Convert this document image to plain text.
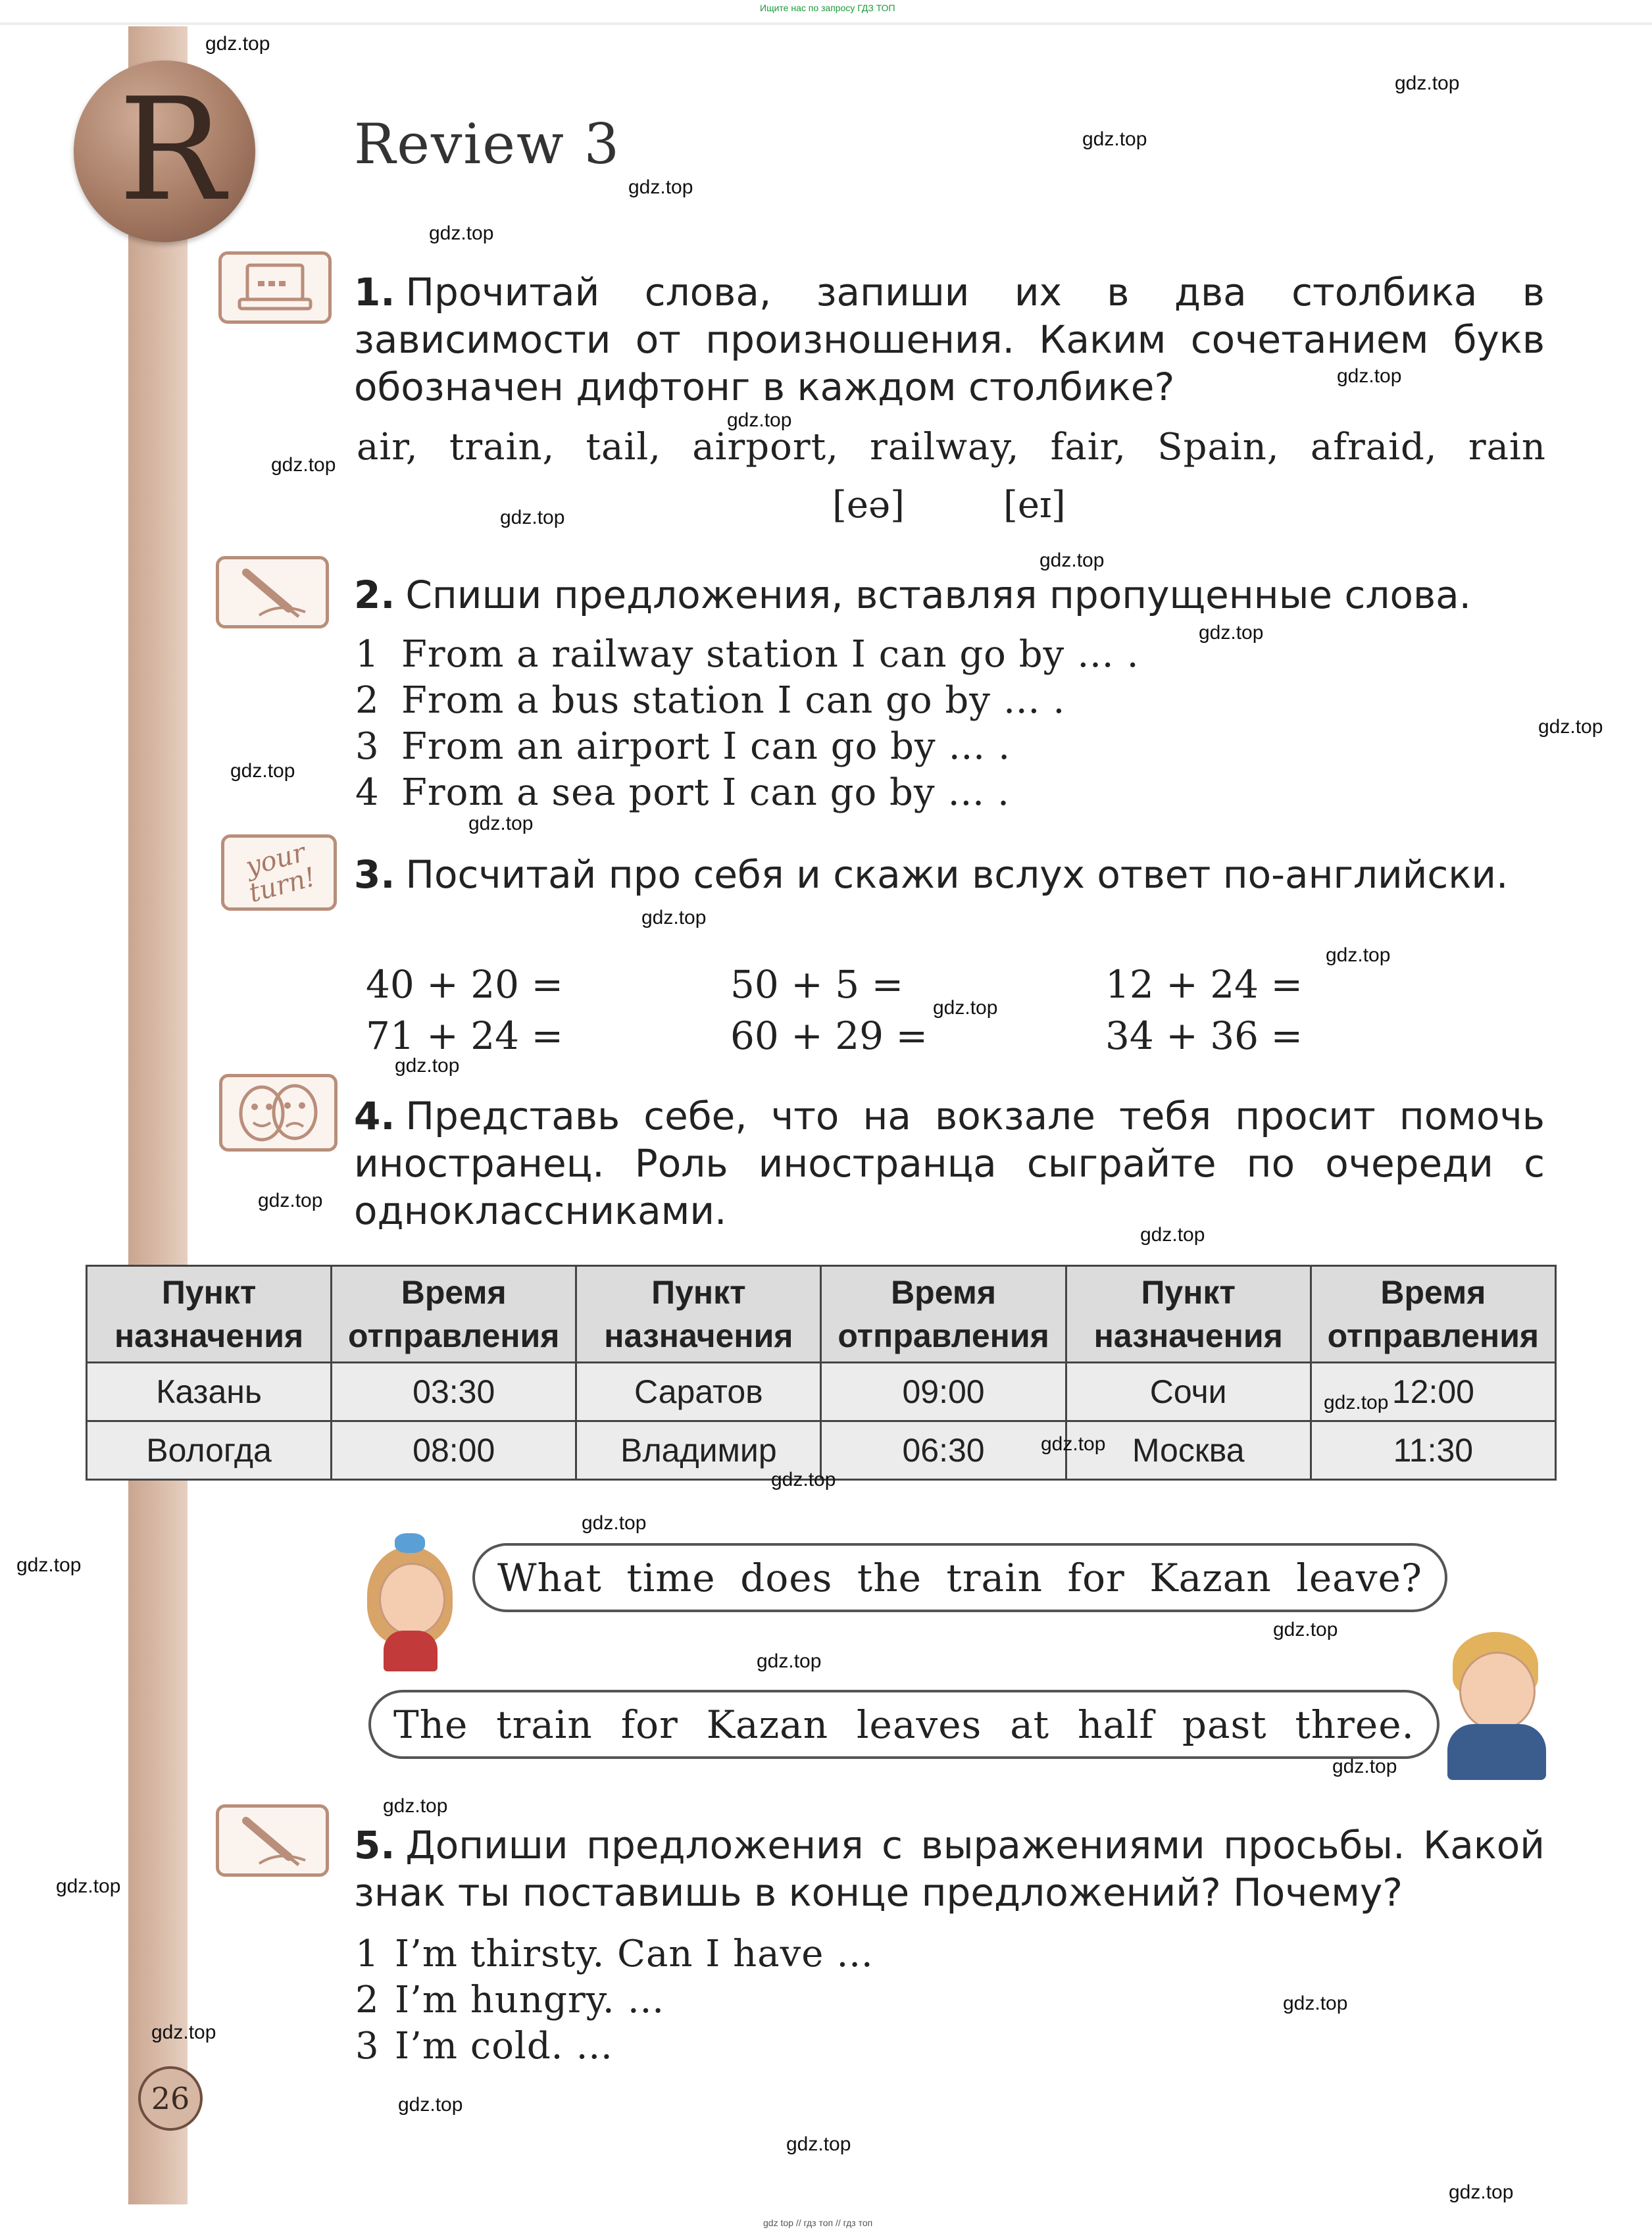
Ищите нас по запросу ГДЗ ТОП
R Review 3
1. Прочитай слова, запиши их в два столбика в зависимости от произношения. Каким сочетанием букв обозначен дифтонг в каждом столбике?
air, train, tail, airport, railway, fair, Spain, afraid, rain
[eə]	[eɪ]
2. Спиши предложения, вставляя пропущенные слова.
1 From a railway station I can go by … .
2 From a bus station I can go by … .
3 From an airport I can go by … .
4 From a sea port I can go by … .
your turn! 3. Посчитай про себя и скажи вслух ответ по-английски.
40 + 20 =	50 + 5 =	12 + 24 =
71 + 24 =	60 + 29 =	34 + 36 =
4. Представь себе, что на вокзале тебя просит помочь иностранец. Роль иностранца сыграйте по очереди с одноклассниками.
Пункт назначения	Время отправления	Пункт назначения	Время отправления	Пункт назначения	Время отправления
Казань	03:30	Саратов	09:00	Сочи	12:00
Вологда	08:00	Владимир	06:30	Москва	11:30
What time does the train for Kazan leave?
The train for Kazan leaves at half past three.
5. Допиши предложения с выражениями просьбы. Какой знак ты поставишь в конце предложений? Почему?
1 I’m thirsty. Can I have …
2 I’m hungry. …
3 I’m cold. …
26
gdz.top
gdz.top
gdz.top
gdz.top
gdz.top
gdz.top
gdz.top
gdz.top
gdz.top
gdz.top
gdz.top
gdz.top
gdz.top
gdz.top
gdz.top
gdz.top
gdz.top
gdz.top
gdz.top
gdz.top
gdz.top
gdz.top
gdz.top
gdz.top
gdz.top
gdz.top
gdz.top
gdz.top
gdz.top
gdz.top
gdz.top
gdz.top
gdz.top
gdz.top
gdz.top
gdz top // гдз топ // гдз топ
